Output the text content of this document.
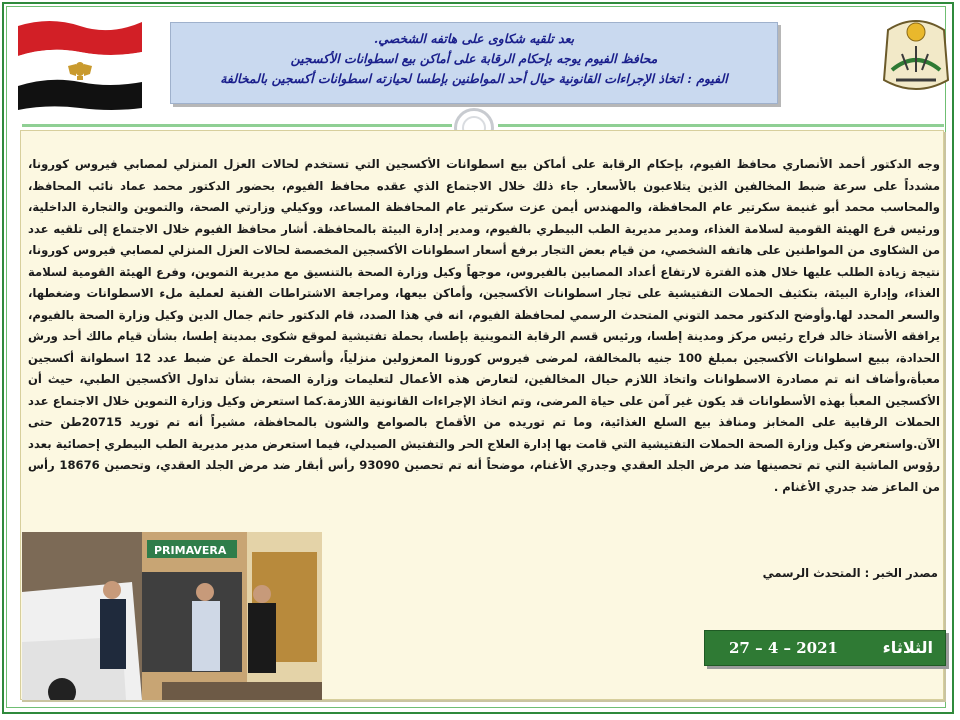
بعد تلقيه شكاوى على هاتفه الشخصي.
محافظ الفيوم يوجه بإحكام الرقابة على أماكن بيع اسطوانات الأكسجين
الفيوم : اتخاذ الإجراءات القانونية حيال أحد المواطنين بإطسا لحيازته اسطوانات أكسجين بالمخالفة
PRIMAVERA
وجه الدكتور أحمد الأنصاري محافظ الفيوم، بإحكام الرقابة على أماكن بيع اسطوانات الأكسجين التي تستخدم لحالات العزل المنزلي لمصابي فيروس كورونا، مشدداً على سرعة ضبط المخالفين الذين يتلاعبون بالأسعار. جاء ذلك خلال الاجتماع الذي عقده محافظ الفيوم، بحضور الدكتور محمد عماد نائب المحافظ، والمحاسب محمد أبو غنيمة سكرتير عام المحافظة، والمهندس أيمن عزت سكرتير عام المحافظة المساعد، ووكيلي وزارتي الصحة، والتموين والتجارة الداخلية، ورئيس فرع الهيئة القومية لسلامة الغذاء، ومدير مديرية الطب البيطري بالفيوم، ومدير إدارة البيئة بالمحافظة. أشار محافظ الفيوم خلال الاجتماع إلى تلقيه عدد من الشكاوى من المواطنين على هاتفه الشخصي، من قيام بعض التجار برفع أسعار اسطوانات الأكسجين المخصصة لحالات العزل المنزلي لمصابي فيروس كورونا، نتيجة زيادة الطلب عليها خلال هذه الفترة لارتفاع أعداد المصابين بالفيروس، موجهاً وكيل وزارة الصحة بالتنسيق مع مديرية التموين، وفرع الهيئة القومية لسلامة الغذاء، وإدارة البيئة، بتكثيف الحملات التفتيشية على تجار اسطوانات الأكسجين، وأماكن بيعها، ومراجعة الاشتراطات الفنية لعملية ملء الاسطوانات وضغطها، والسعر المحدد لها.وأوضح الدكتور محمد التوني المتحدث الرسمي لمحافظة الفيوم، انه في هذا الصدد، قام الدكتور حاتم جمال الدين وكيل وزارة الصحة بالفيوم، يرافقه الأستاذ خالد فراج رئيس مركز ومدينة إطسا، ورئيس قسم الرقابة التموينية بإطسا، بحملة تفتيشية لموقع شكوى بمدينة إطسا، بشأن قيام مالك أحد ورش الحدادة، ببيع اسطوانات الأكسجين بمبلغ 100 جنيه بالمخالفة، لمرضى فيروس كورونا المعزولين منزلياً، وأسفرت الحملة عن ضبط عدد 12 اسطوانة أكسجين معبأة،وأضاف انه تم مصادرة الاسطوانات واتخاذ اللازم حيال المخالفين، لتعارض هذه الأعمال لتعليمات وزارة الصحة، بشأن تداول الأكسجين الطبي، حيث أن الأكسجين المعبأ بهذه الأسطوانات قد يكون غير آمن على حياة المرضى، وتم اتخاذ الإجراءات القانونية اللازمة.كما استعرض وكيل وزارة التموين خلال الاجتماع عدد الحملات الرقابية على المخابز ومنافذ بيع السلع الغذائية، وما تم توريده من الأقماح بالصوامع والشون بالمحافظة، مشيراً أنه تم توريد 20715طن حتى الآن.واستعرض وكيل وزارة الصحة الحملات التفتيشية التي قامت بها إدارة العلاج الحر والتفتيش الصيدلي، فيما استعرض مدير مديرية الطب البيطري إحصائية بعدد رؤوس الماشية التي تم تحصينها ضد مرض الجلد العقدي وجدري الأغنام، موضحاً أنه تم تحصين 93090 رأس أبقار ضد مرض الجلد العقدي، وتحصين 18676 رأس من الماعز ضد جدري الأغنام .
مصدر الخبر : المتحدث الرسمي
الثلاثاء
27 – 4 – 2021
